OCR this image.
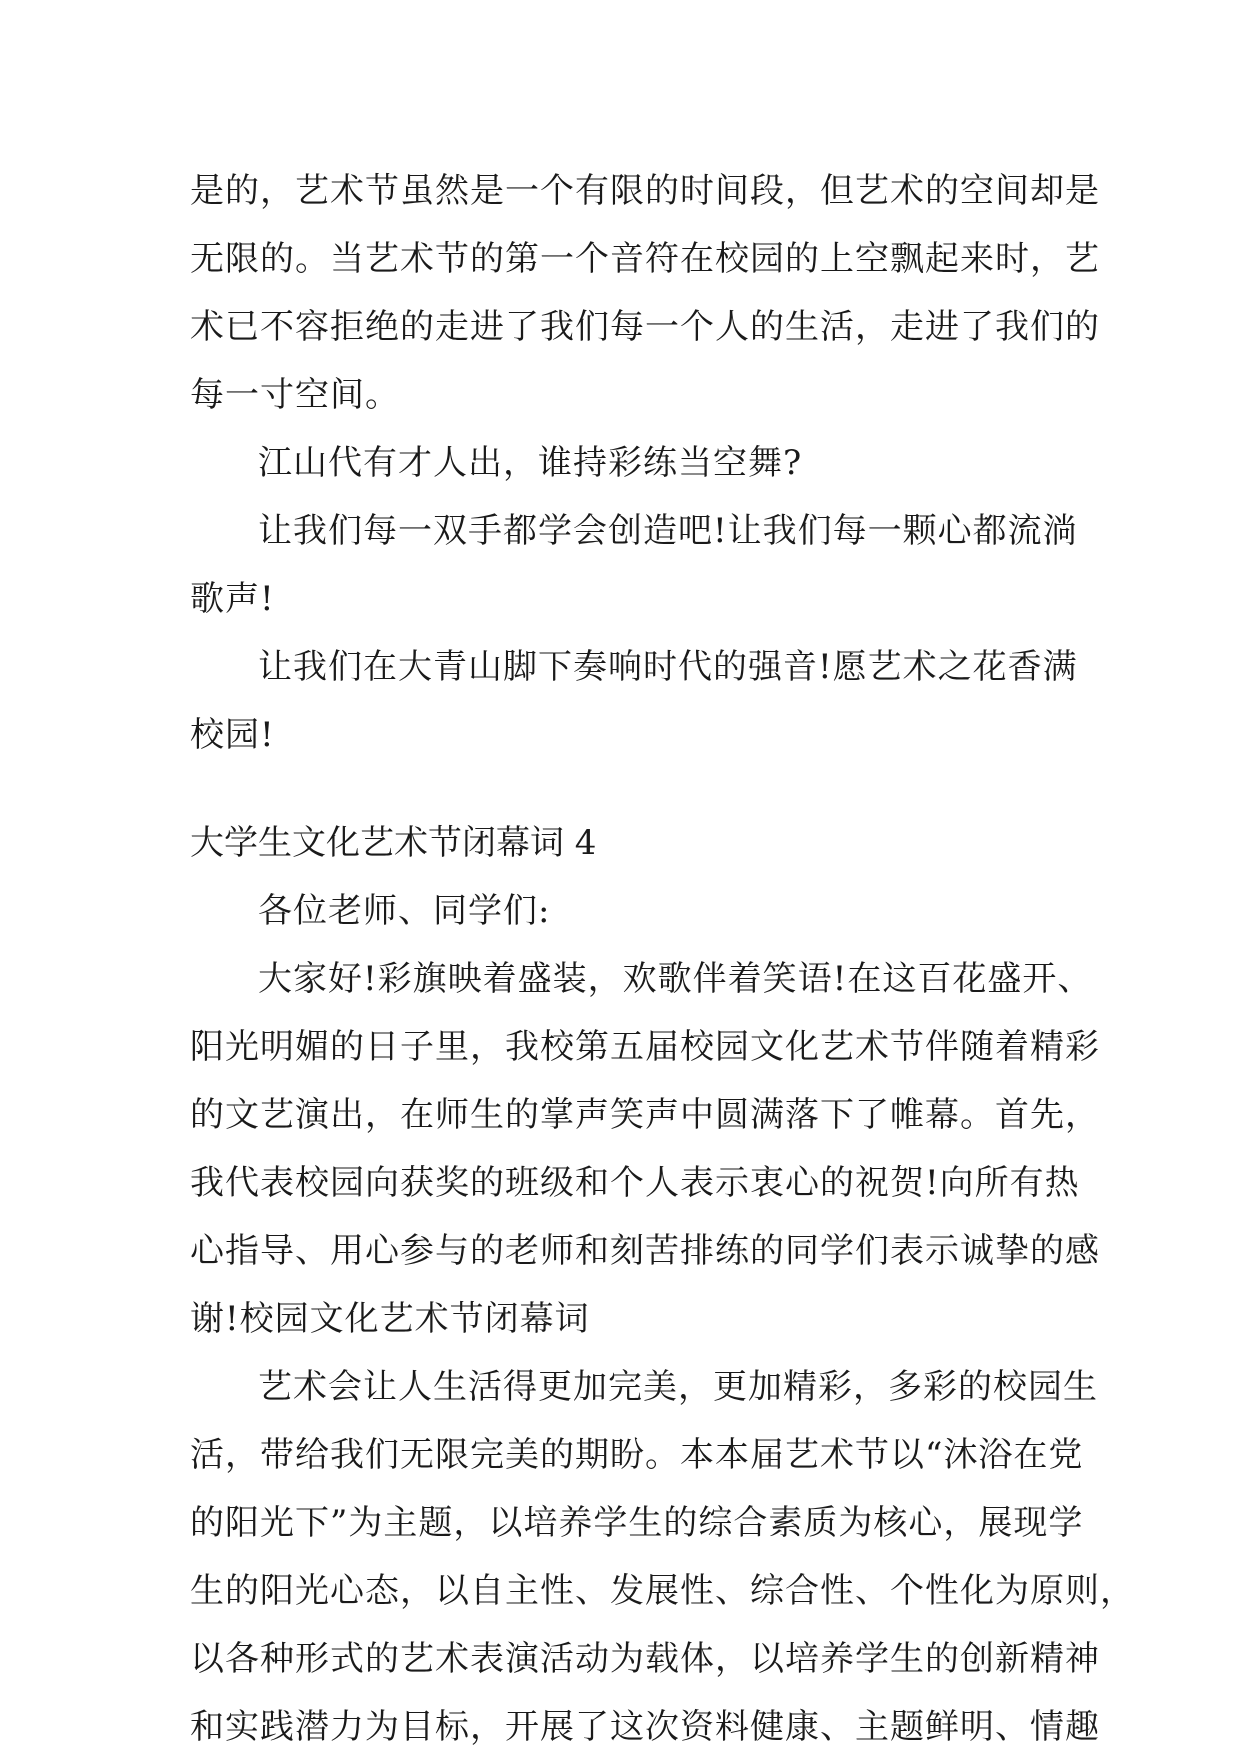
是的，艺术节虽然是一个有限的时间段，但艺术的空间却是
无限的。当艺术节的第一个音符在校园的上空飘起来时，艺
术已不容拒绝的走进了我们每一个人的生活，走进了我们的
每一寸空间。
江山代有才人出，谁持彩练当空舞?
让我们每一双手都学会创造吧!让我们每一颗心都流淌
歌声!
让我们在大青山脚下奏响时代的强音!愿艺术之花香满
校园!
大学生文化艺术节闭幕词 4
各位老师、同学们:
大家好!彩旗映着盛装，欢歌伴着笑语!在这百花盛开、
阳光明媚的日子里，我校第五届校园文化艺术节伴随着精彩
的文艺演出，在师生的掌声笑声中圆满落下了帷幕。首先，
我代表校园向获奖的班级和个人表示衷心的祝贺!向所有热
心指导、用心参与的老师和刻苦排练的同学们表示诚挚的感
谢!校园文化艺术节闭幕词
艺术会让人生活得更加完美，更加精彩，多彩的校园生
活，带给我们无限完美的期盼。本本届艺术节以“沐浴在党
的阳光下”为主题，以培养学生的综合素质为核心，展现学
生的阳光心态，以自主性、发展性、综合性、个性化为原则，
以各种形式的艺术表演活动为载体，以培养学生的创新精神
和实践潜力为目标，开展了这次资料健康、主题鲜明、情趣
